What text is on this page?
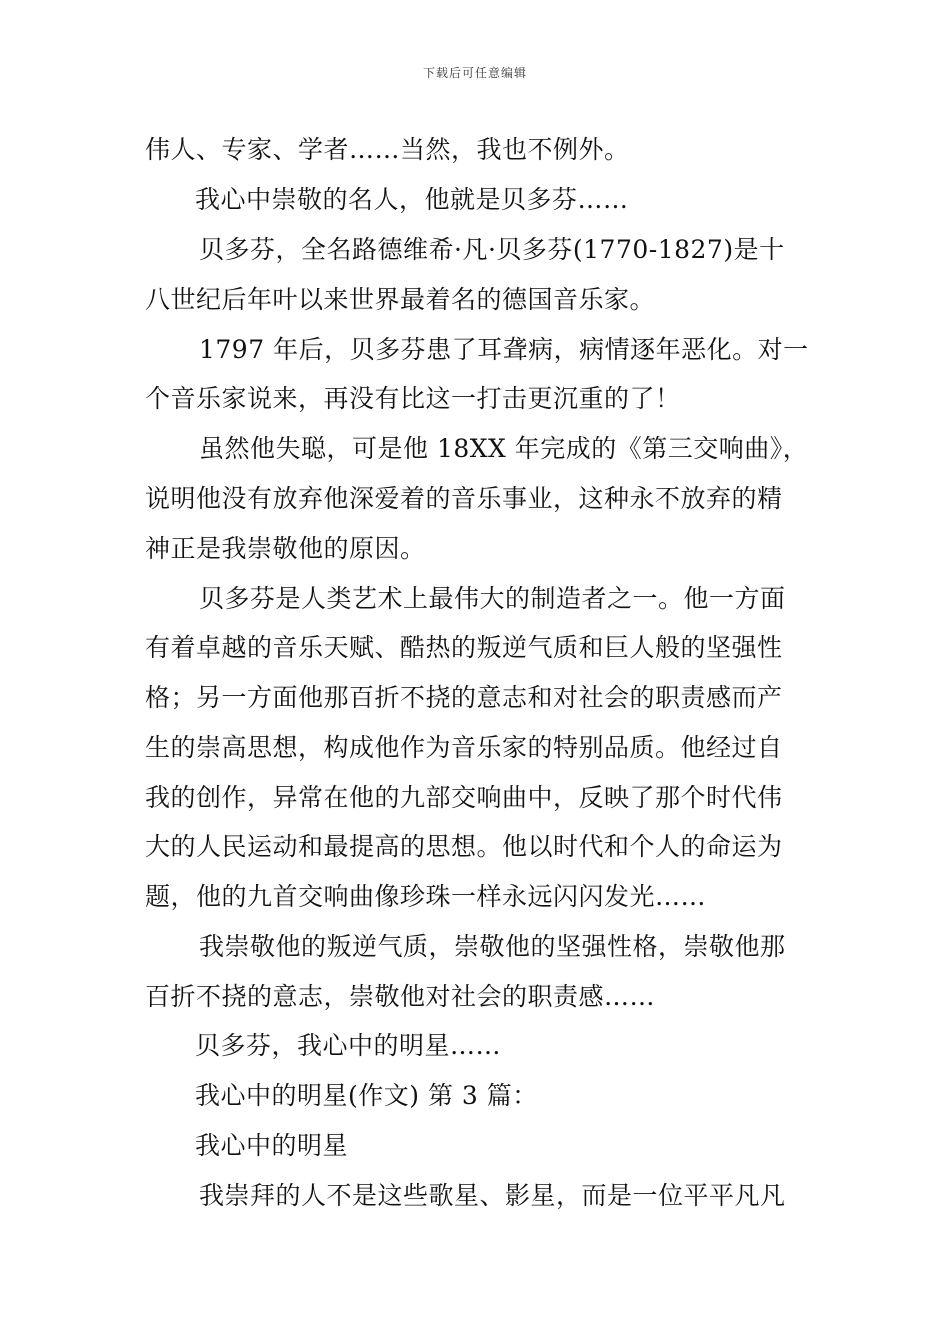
下载后可任意编辑
伟人、专家、学者……当然，我也不例外。
我心中崇敬的名人，他就是贝多芬……
贝多芬，全名路德维希·凡·贝多芬(1770-1827)是十
八世纪后年叶以来世界最着名的德国音乐家。
1797 年后，贝多芬患了耳聋病，病情逐年恶化。对一
个音乐家说来，再没有比这一打击更沉重的了！
虽然他失聪，可是他 18XX 年完成的《第三交响曲》，
说明他没有放弃他深爱着的音乐事业，这种永不放弃的精
神正是我崇敬他的原因。
贝多芬是人类艺术上最伟大的制造者之一。他一方面
有着卓越的音乐天赋、酷热的叛逆气质和巨人般的坚强性
格；另一方面他那百折不挠的意志和对社会的职责感而产
生的崇高思想，构成他作为音乐家的特别品质。他经过自
我的创作，异常在他的九部交响曲中，反映了那个时代伟
大的人民运动和最提高的思想。他以时代和个人的命运为
题，他的九首交响曲像珍珠一样永远闪闪发光……
我崇敬他的叛逆气质，崇敬他的坚强性格，崇敬他那
百折不挠的意志，崇敬他对社会的职责感……
贝多芬，我心中的明星……
我心中的明星(作文) 第 3 篇：
我心中的明星
我崇拜的人不是这些歌星、影星，而是一位平平凡凡
